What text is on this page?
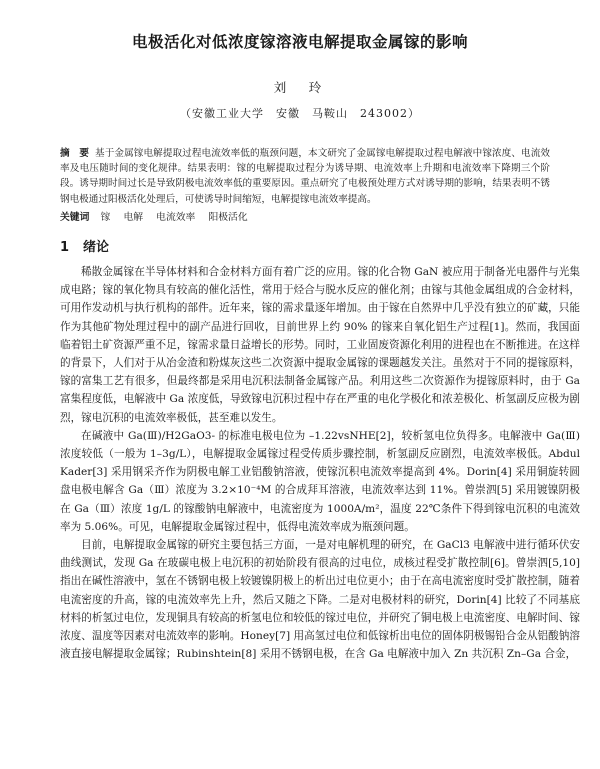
电极活化对低浓度镓溶液电解提取金属镓的影响
刘　玲
（安徽工业大学　安徽　马鞍山　243002）
摘　要 基于金属镓电解提取过程电流效率低的瓶颈问题，本文研究了金属镓电解提取过程电解液中镓浓度、电流效率及电压随时间的变化规律。结果表明：镓的电解提取过程分为诱导期、电流效率上升期和电流效率下降期三个阶段。诱导期时间过长是导致阴极电流效率低的重要原因。重点研究了电极预处理方式对诱导期的影响，结果表明不锈钢电极通过阳极活化处理后，可使诱导时间缩短，电解提镓电流效率提高。
关键词 镓 电解 电流效率 阳极活化
1 绪论

稀散金属镓在半导体材料和合金材料方面有着广泛的应用。镓的化合物 GaN 被应用于制备光电器件与光集成电路；镓的氧化物具有较高的催化活性，常用于烃合与脱水反应的催化剂；由镓与其他金属组成的合金材料，可用作发动机与执行机构的部件。近年来，镓的需求量逐年增加。由于镓在自然界中几乎没有独立的矿藏，只能作为其他矿物处理过程中的副产品进行回收，目前世界上约 90% 的镓来自氧化铝生产过程[1]。然而，我国面临着铝土矿资源严重不足，镓需求量日益增长的形势。同时，工业固废资源化利用的进程也在不断推进。在这样的背景下，人们对于从冶金渣和粉煤灰这些二次资源中提取金属镓的课题越发关注。虽然对于不同的提镓原料，镓的富集工艺有很多，但最终都是采用电沉积法制备金属镓产品。利用这些二次资源作为提镓原料时，由于 Ga 富集程度低，电解液中 Ga 浓度低，导致镓电沉积过程中存在严重的电化学极化和浓差极化、析氢副反应极为剧烈，镓电沉积的电流效率极低，甚至难以发生。

在碱液中 Ga(Ⅲ)/H2GaO3- 的标准电极电位为 –1.22vsNHE[2]，较析氢电位负得多。电解液中 Ga(Ⅲ)浓度较低（一般为 1–3g/L），电解提取金属镓过程受传质步骤控制，析氢副反应剧烈，电流效率极低。Abdul Kader[3] 采用钢采齐作为阴极电解工业铝酸钠溶液，使镓沉积电流效率提高到 4%。Dorin[4] 采用铜旋转圆盘电极电解含 Ga（Ⅲ）浓度为 3.2×10⁻⁴M 的合成拜耳溶液，电流效率达到 11%。曾崇泗[5] 采用镀镍阴极在 Ga（Ⅲ）浓度 1g/L 的镓酸钠电解液中，电流密度为 1000A/m²，温度 22℃条件下得到镓电沉积的电流效率为 5.06%。可见，电解提取金属镓过程中，低得电流效率成为瓶颈问题。

目前，电解提取金属镓的研究主要包括三方面，一是对电解机理的研究，在 GaCl3 电解液中进行循环伏安曲线测试，发现 Ga 在玻碳电极上电沉积的初始阶段有很高的过电位，成核过程受扩散控制[6]。曾崇泗[5,10] 指出在碱性溶液中，氢在不锈钢电极上较镀镍阴极上的析出过电位更小；由于在高电流密度时受扩散控制，随着电流密度的升高，镓的电流效率先上升，然后又随之下降。二是对电极材料的研究，Dorin[4] 比较了不同基底材料的析氢过电位，发现铜具有较高的析氢电位和较低的镓过电位，并研究了铜电极上电流密度、电解时间、镓浓度、温度等因素对电流效率的影响。Honey[7] 用高氢过电位和低镓析出电位的固体阴极锡铅合金从铝酸钠溶液直接电解提取金属镓；Rubinshtein[8] 采用不锈钢电极，在含 Ga 电解液中加入 Zn 共沉积 Zn–Ga 合金，
